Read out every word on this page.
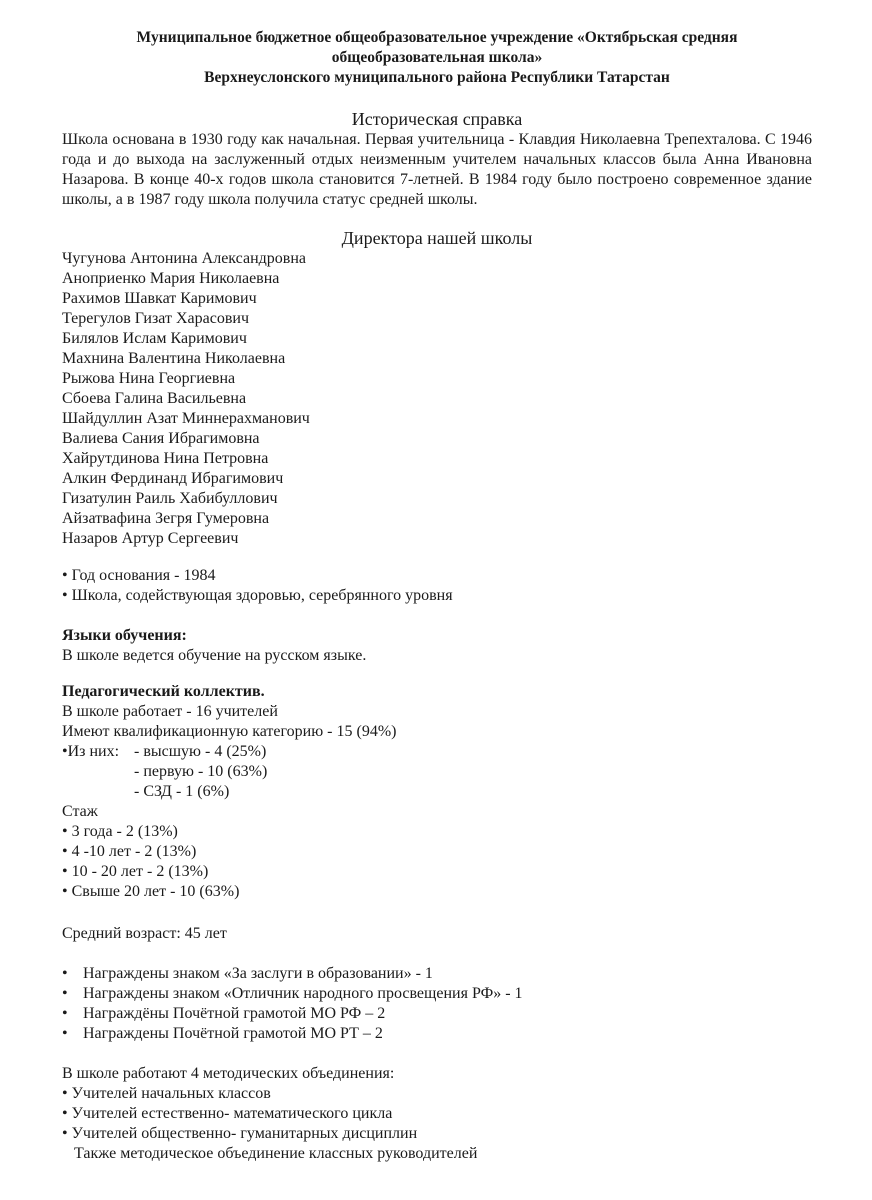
Муниципальное бюджетное общеобразовательное учреждение «Октябрьская средняя
общеобразовательная школа»
Верхнеуслонского муниципального района Республики Татарстан
Историческая справка
Школа основана в 1930 году как начальная. Первая учительница - Клавдия Николаевна Трепехталова. С 1946 года и до выхода на заслуженный отдых неизменным учителем начальных классов была Анна Ивановна Назарова. В конце 40-х годов школа становится 7-летней. В 1984 году было построено современное здание школы, а в 1987 году школа получила статус средней школы.
Директора нашей школы
Чугунова Антонина Александровна
Аноприенко Мария Николаевна
Рахимов Шавкат Каримович
Терегулов Гизат Харасович
Билялов Ислам Каримович
Махнина Валентина Николаевна
Рыжова Нина Георгиевна
Сбоева Галина Васильевна
Шайдуллин Азат Миннерахманович
Валиева Сания Ибрагимовна
Хайрутдинова Нина Петровна
Алкин Фердинанд Ибрагимович
Гизатулин Раиль Хабибуллович
Айзатвафина Зегря Гумеровна
Назаров Артур Сергеевич
• Год основания - 1984
• Школа, содействующая здоровью, серебрянного уровня
Языки обучения:
В школе ведется обучение на русском языке.
Педагогический коллектив.
В школе работает - 16 учителей
Имеют квалификационную категорию - 15 (94%)
•Из них: - высшую - 4 (25%)
- первую - 10 (63%)
- СЗД - 1 (6%)
Стаж
• 3 года - 2 (13%)
• 4 -10 лет - 2 (13%)
• 10 - 20 лет - 2 (13%)
• Свыше 20 лет - 10 (63%)
Средний возраст: 45 лет
• Награждены знаком «За заслуги в образовании» - 1
• Награждены знаком «Отличник народного просвещения РФ» - 1
• Награждёны Почётной грамотой МО РФ – 2
• Награждены Почётной грамотой МО РТ – 2
В школе работают 4 методических объединения:
• Учителей начальных классов
• Учителей естественно- математического цикла
• Учителей общественно- гуманитарных дисциплин
Также методическое объединение классных руководителей
